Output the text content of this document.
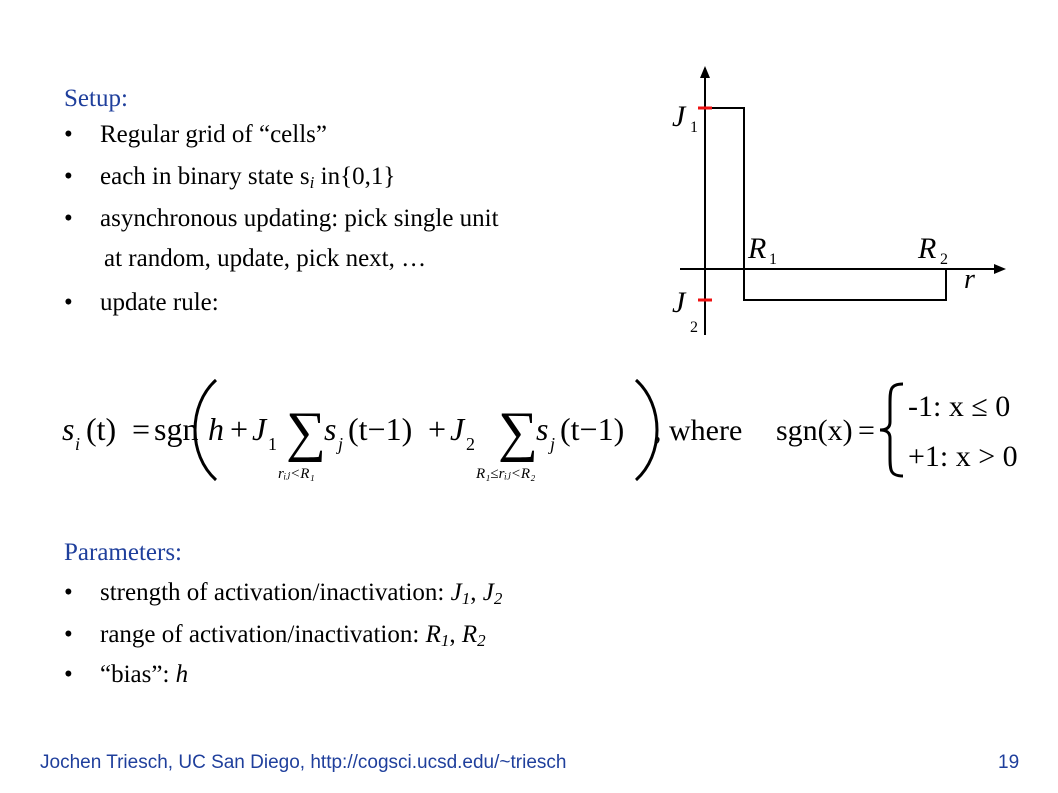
Setup:
• Regular grid of “cells”
• each in binary state $s_i$ in{0,1}
• asynchronous updating: pick single unit
at random, update, pick next, …
• update rule:
J 1
J
2
R 1	R 2
r
s i (t) = sgn h + J 1 ∑
rᵢⱼ<R₁
s j (t−1) + J 2 ∑
R₁≤rᵢⱼ<R₂
s j (t−1) , where sgn(x) =
-1: x ≤ 0
+1: x > 0
Parameters:
• strength of activation/inactivation: $J_1$, $J_2$
• range of activation/inactivation: $R_1$, $R_2$
• “bias”: h
Jochen Triesch, UC San Diego, http://cogsci.ucsd.edu/~triesch	19
